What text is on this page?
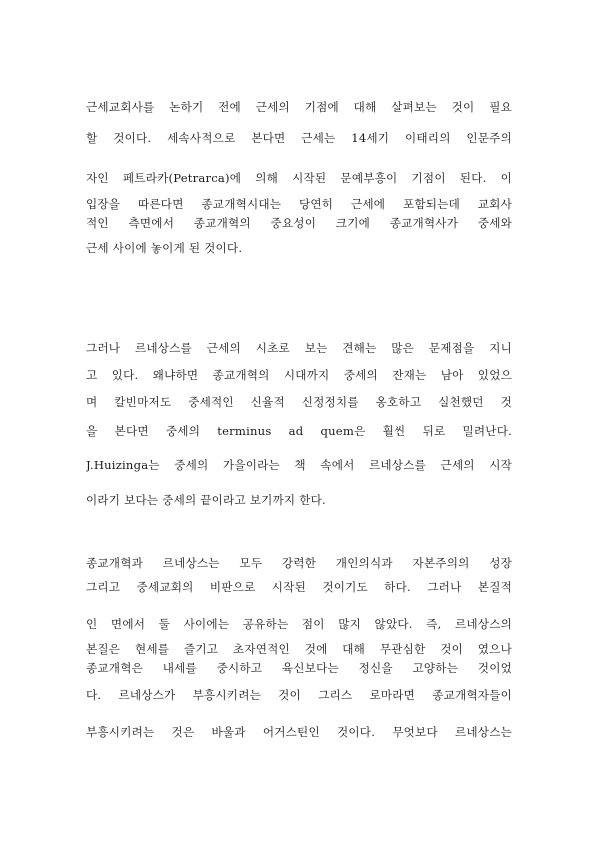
근세교회사를 논하기 전에 근세의 기점에 대해 살펴보는 것이 필요
할 것이다. 세속사적으로 본다면 근세는 14세기 이태리의 인문주의
자인 페트라카(Petrarca)에 의해 시작된 문예부흥이 기점이 된다. 이
입장을 따른다면 종교개혁시대는 당연히 근세에 포함되는데 교회사
적인 측면에서 종교개혁의 중요성이 크기에 종교개혁사가 중세와
근세 사이에 놓이게 된 것이다.
그러나 르네상스를 근세의 시초로 보는 견해는 많은 문제점을 지니
고 있다. 왜냐하면 종교개혁의 시대까지 중세의 잔재는 남아 있었으
며 칼빈마저도 중세적인 신율적 신정정치를 옹호하고 실천했던 것
을 본다면 중세의 terminus ad quem은 훨씬 뒤로 밀려난다.
J.Huizinga는 중세의 가을이라는 책 속에서 르네상스를 근세의 시작
이라기 보다는 중세의 끝이라고 보기까지 한다.
종교개혁과 르네상스는 모두 강력한 개인의식과 자본주의의 성장
그리고 중세교회의 비판으로 시작된 것이기도 하다. 그러나 본질적
인 면에서 둘 사이에는 공유하는 점이 많지 않았다. 즉, 르네상스의
본질은 현세를 즐기고 초자연적인 것에 대해 무관심한 것이 였으나
종교개혁은 내세를 중시하고 육신보다는 정신을 고양하는 것이었
다. 르네상스가 부흥시키려는 것이 그리스 로마라면 종교개혁자들이
부흥시키려는 것은 바울과 어거스틴인 것이다. 무엇보다 르네상스는
